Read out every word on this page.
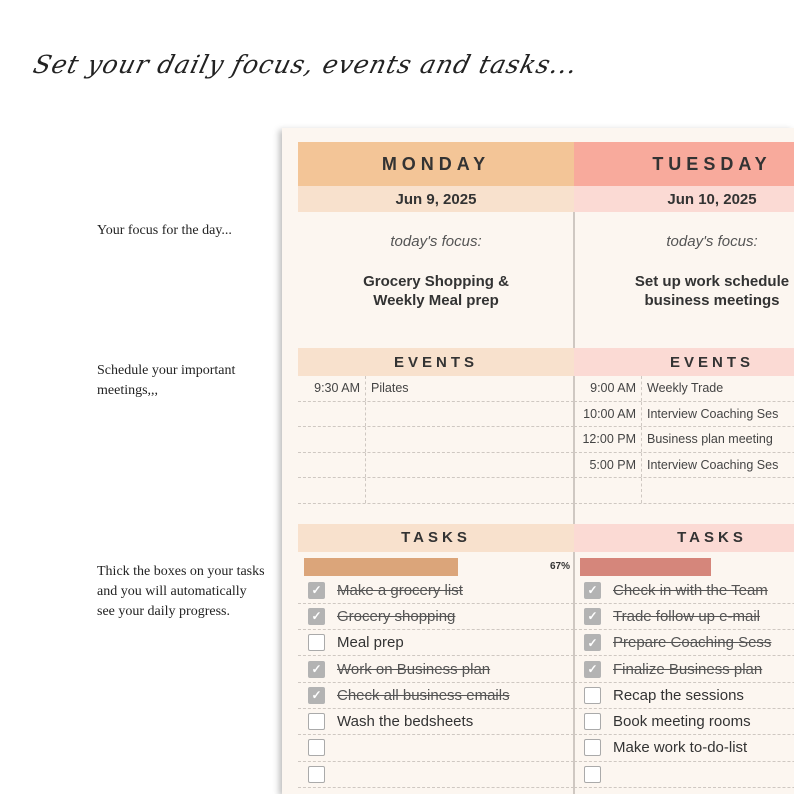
Set your daily focus, events and tasks...
Your focus for the day...
Schedule your important meetings,,,
Thick the boxes on your tasks and you will automatically see your daily progress.
MONDAY
Jun 9, 2025
today's focus:
Grocery Shopping &
Weekly Meal prep
EVENTS
9:30 AM Pilates
TASKS
67%
✓ Make a grocery list
✓ Grocery shopping
Meal prep
✓ Work on Business plan
✓ Check all business emails
Wash the bedsheets
TUESDAY
Jun 10, 2025
today's focus:
Set up work schedule
business meetings
EVENTS
9:00 AM Weekly Trade
10:00 AM Interview Coaching Ses
12:00 PM Business plan meeting
5:00 PM Interview Coaching Ses
TASKS
✓ Check in with the Team
✓ Trade follow up e-mail
✓ Prepare Coaching Sess
✓ Finalize Business plan
Recap the sessions
Book meeting rooms
Make work to-do-list
